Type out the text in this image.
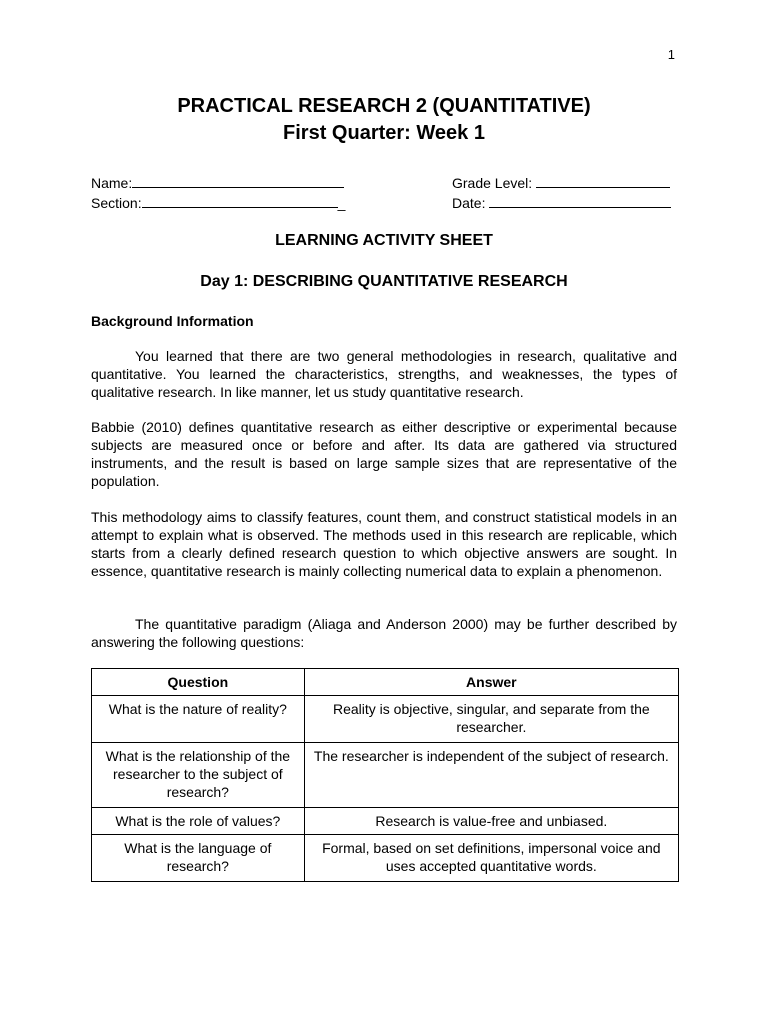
1
PRACTICAL RESEARCH 2 (QUANTITATIVE)
First Quarter: Week 1
Name:
Section:	_
Grade Level:
Date:
LEARNING ACTIVITY SHEET
Day 1: DESCRIBING QUANTITATIVE RESEARCH
Background Information

You learned that there are two general methodologies in research, qualitative and quantitative. You learned the characteristics, strengths, and weaknesses, the types of qualitative research. In like manner, let us study quantitative research.

Babbie (2010) defines quantitative research as either descriptive or experimental because subjects are measured once or before and after. Its data are gathered via structured instruments, and the result is based on large sample sizes that are representative of the population.

This methodology aims to classify features, count them, and construct statistical models in an attempt to explain what is observed. The methods used in this research are replicable, which starts from a clearly defined research question to which objective answers are sought. In essence, quantitative research is mainly collecting numerical data to explain a phenomenon.

The quantitative paradigm (Aliaga and Anderson 2000) may be further described by answering the following questions:

Question	Answer
What is the nature of reality?	Reality is objective, singular, and separate from the researcher.
What is the relationship of the researcher to the subject of research?	The researcher is independent of the subject of research.
What is the role of values?	Research is value-free and unbiased.
What is the language of research?	Formal, based on set definitions, impersonal voice and uses accepted quantitative words.
